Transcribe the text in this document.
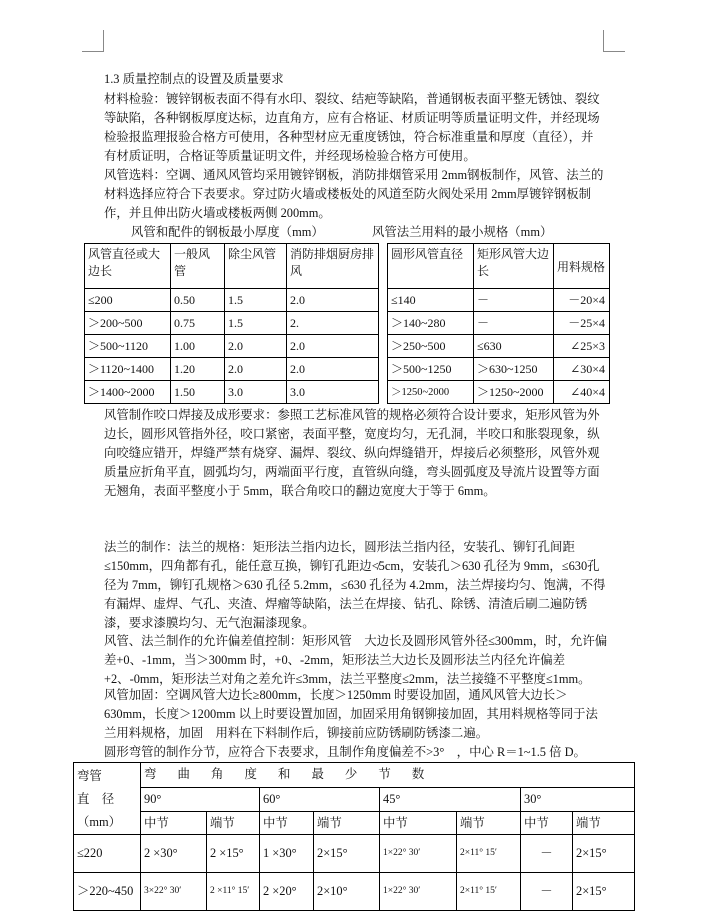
1.3 质量控制点的设置及质量要求

材料检验：镀锌钢板表面不得有水印、裂纹、结疤等缺陷，普通钢板表面平整无锈蚀、裂纹等缺陷，各种钢板厚度达标，边直角方，应有合格证、材质证明等质量证明文件，并经现场检验报监理报验合格方可使用，各种型材应无重度锈蚀，符合标准重量和厚度（直径），并有材质证明，合格证等质量证明文件，并经现场检验合格方可使用。

风管选料：空调、通风风管均采用镀锌钢板，消防排烟管采用 2mm钢板制作，风管、法兰的材料选择应符合下表要求。穿过防火墙或楼板处的风道至防火阀处采用 2mm厚镀锌钢板制作，并且伸出防火墙或楼板两侧 200mm。

风管和配件的钢板最小厚度（mm）	风管法兰用料的最小规格（mm）
风管直径或大边长	一般风管	除尘风管	消防排烟厨房排风
≤200	0.50	1.5	2.0
＞200~500	0.75	1.5	2.
＞500~1120	1.00	2.0	2.0
＞1120~1400	1.20	2.0	2.0
＞1400~2000	1.50	3.0	3.0
圆形风管直径	矩形风管大边长	用料规格
≤140	－	－20×4
＞140~280	－	－25×4
＞250~500	≤630	∠25×3
＞500~1250	＞630~1250	∠30×4
＞1250~2000	＞1250~2000	∠40×4

风管制作咬口焊接及成形要求：参照工艺标准风管的规格必须符合设计要求，矩形风管为外边长，圆形风管指外径，咬口紧密，表面平整，宽度均匀，无孔洞，半咬口和胀裂现象，纵向咬缝应错开，焊缝严禁有烧穿、漏焊、裂纹、纵向焊缝错开，焊接后必须整形，风管外观质量应折角平直，圆弧均匀，两端面平行度，直管纵向缝，弯头圆弧度及导流片设置等方面无翘角，表面平整度小于 5mm，联合角咬口的翻边宽度大于等于 6mm。

法兰的制作：法兰的规格：矩形法兰指内边长，圆形法兰指内径，安装孔、铆钉孔间距≤150mm，四角都有孔，能任意互换，铆钉孔距边≮5cm，安装孔＞630 孔径为 9mm，≤630孔径为 7mm，铆钉孔规格＞630 孔径 5.2mm，≤630 孔径为 4.2mm，法兰焊接均匀、饱满，不得有漏焊、虚焊、气孔、夹渣、焊瘤等缺陷，法兰在焊接、钻孔、除锈、清渣后刷二遍防锈漆，要求漆膜均匀、无气泡漏漆现象。

风管、法兰制作的允许偏差值控制：矩形风管　大边长及圆形风管外径≤300mm，时，允许偏差+0、-1mm，当＞300mm 时，+0、-2mm，矩形法兰大边长及圆形法兰内径允许偏差+2、-0mm，矩形法兰对角之差允许≤3mm，法兰平整度≤2mm，法兰接缝不平整度≤1mm。

风管加固：空调风管大边长≥800mm，长度＞1250mm 时要设加固，通风风管大边长＞630mm，长度＞1200mm 以上时要设置加固，加固采用角钢铆接加固，其用料规格等同于法兰用料规格，加固　用料在下料制作后，铆接前应防锈刷防锈漆二遍。

圆形弯管的制作分节，应符合下表要求，且制作角度偏差不>3°　，中心 R＝1~1.5 倍 D。

弯管
直　径
（mm）	弯 曲 角 度 和 最 少 节 数							
	90°		60°		45°		30°	
	中节	端节	中节	端节	中节	端节	中节	端节
≤220	2 ×30°	2 ×15°	1 ×30°	2×15°	1×22° 30′	2×11° 15′	－	2×15°
＞220~450	3×22° 30′	2 ×11° 15′	2 ×20°	2×10°	1×22° 30′	2×11° 15′	－	2×15°
